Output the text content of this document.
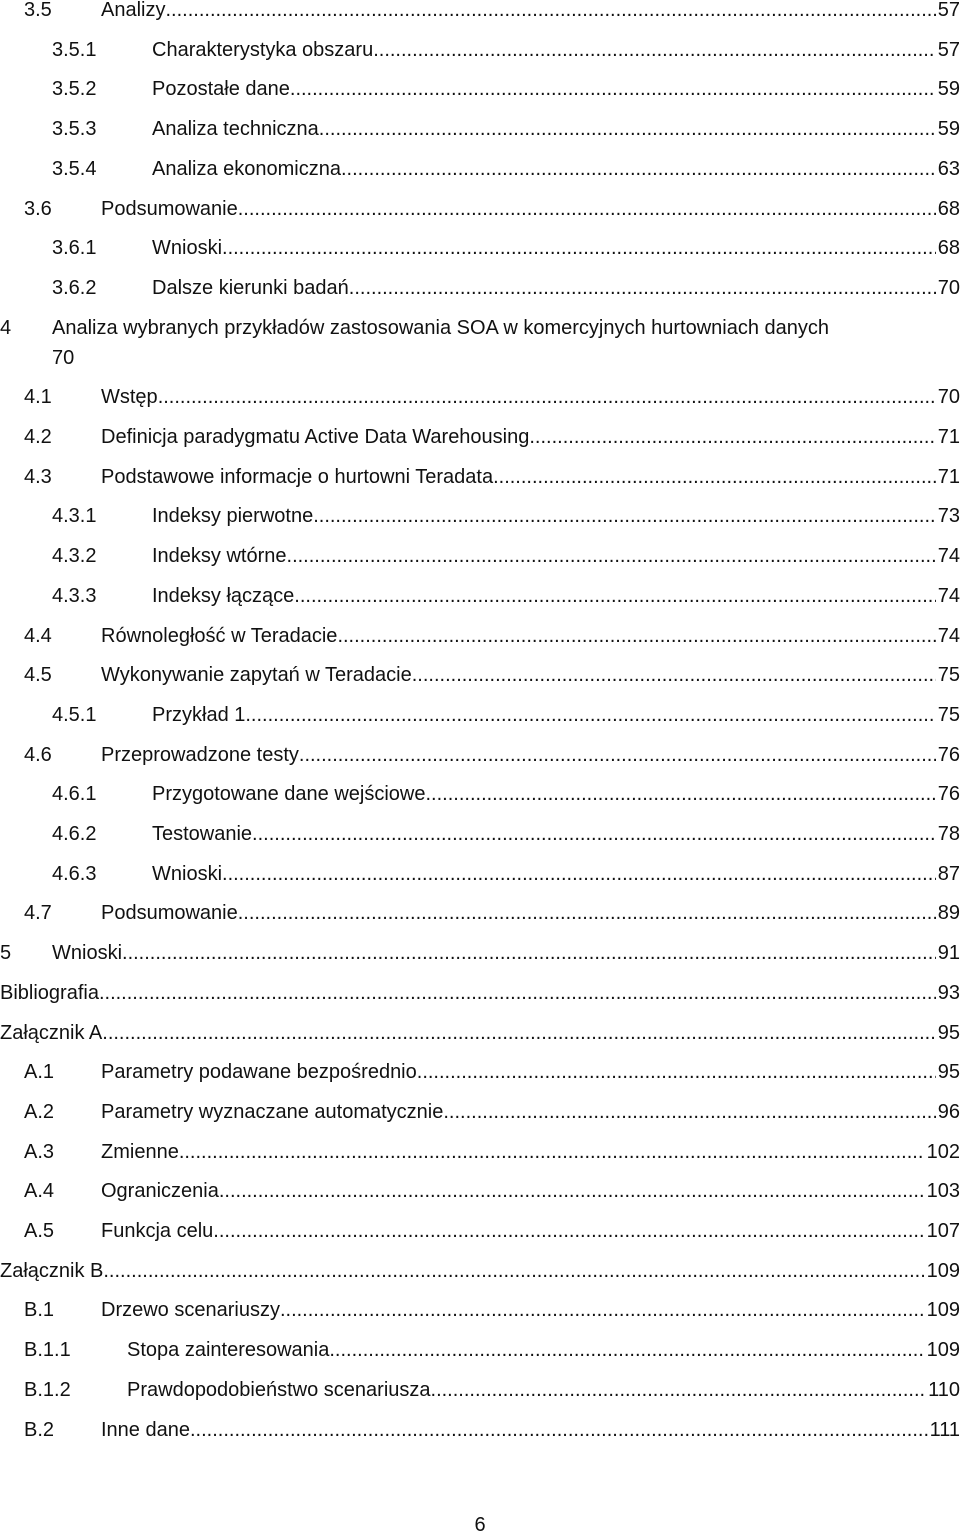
3.5 Analizy .....	57
3.5.1	Charakterystyka obszaru .....	57
3.5.2	Pozostałe dane .....	59
3.5.3	Analiza techniczna .....	59
3.5.4	Analiza ekonomiczna .....	63
3.6 Podsumowanie .....	68
3.6.1	Wnioski .....	68
3.6.2	Dalsze kierunki badań .....	70
4 Analiza wybranych przykładów zastosowania SOA w komercyjnych hurtowniach danych
70
4.1 Wstęp .....	70
4.2 Definicja paradygmatu Active Data Warehousing .....	71
4.3 Podstawowe informacje o hurtowni Teradata. .....	71
4.3.1	Indeksy pierwotne. .....	73
4.3.2	Indeksy wtórne .....	74
4.3.3	Indeksy łączące .....	74
4.4 Równoległość w Teradacie .....	74
4.5 Wykonywanie zapytań w Teradacie .....	75
4.5.1	Przykład 1 .....	75
4.6 Przeprowadzone testy .....	76
4.6.1	Przygotowane dane wejściowe .....	76
4.6.2	Testowanie. .....	78
4.6.3	Wnioski .....	87
4.7 Podsumowanie .....	89
5 Wnioski .....	91
Bibliografia .....	93
Załącznik A .....	95
A.1 Parametry podawane bezpośrednio .....	95
A.2 Parametry wyznaczane automatycznie .....	96
A.3 Zmienne .....	102
A.4 Ograniczenia .....	103
A.5 Funkcja celu .....	107
Załącznik B .....	109
B.1 Drzewo scenariuszy .....	109
B.1.1	Stopa zainteresowania .....	109
B.1.2	Prawdopodobieństwo scenariusza .....	110
B.2 Inne dane .....	111
6
